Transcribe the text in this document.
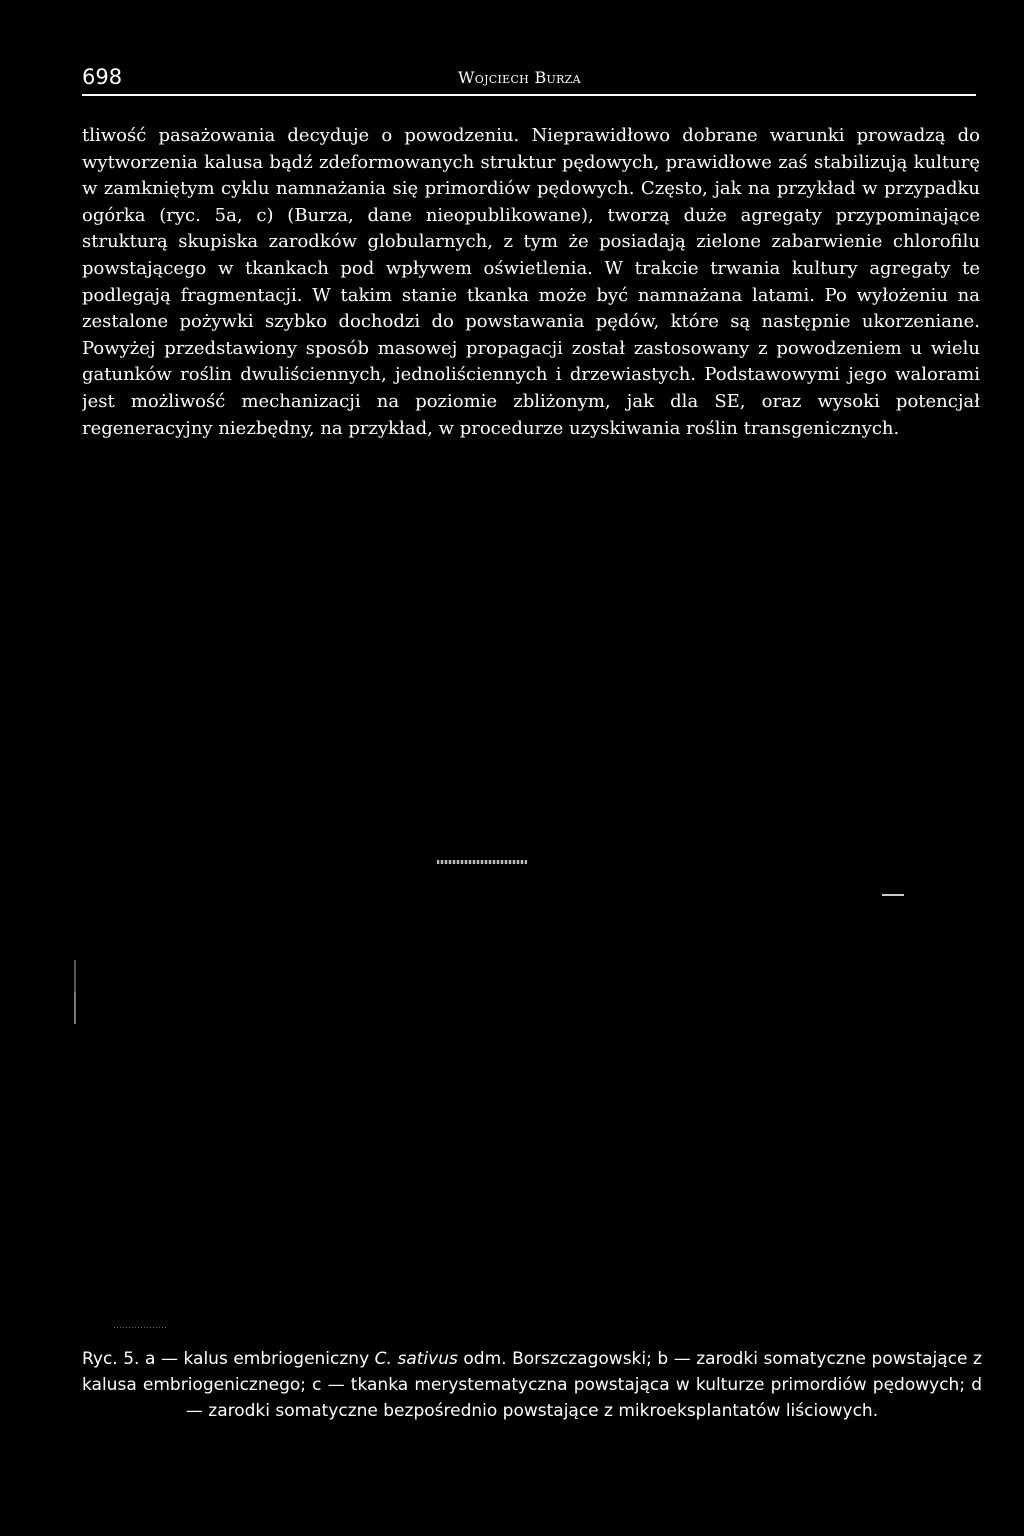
698	Wojciech Burza
tliwość pasażowania decyduje o powodzeniu. Nieprawidłowo dobrane warunki prowadzą do wytworzenia kalusa bądź zdeformowanych struktur pędowych, prawidłowe zaś stabilizują kulturę w zamkniętym cyklu namnażania się primordiów pędowych. Często, jak na przykład w przypadku ogórka (ryc. 5a, c) (Burza, dane nieopublikowane), tworzą duże agregaty przypominające strukturą skupiska zarodków globularnych, z tym że posiadają zielone zabarwienie chlorofilu powstającego w tkankach pod wpływem oświetlenia. W trakcie trwania kultury agregaty te podlegają fragmentacji. W takim stanie tkanka może być namnażana latami. Po wyłożeniu na zestalone pożywki szybko dochodzi do powstawania pędów, które są następnie ukorzeniane. Powyżej przedstawiony sposób masowej propagacji został zastosowany z powodzeniem u wielu gatunków roślin dwuliściennych, jednoliściennych i drzewiastych. Podstawowymi jego walorami jest możliwość mechanizacji na poziomie zbliżonym, jak dla SE, oraz wysoki potencjał regeneracyjny niezbędny, na przykład, w procedurze uzyskiwania roślin transgenicznych.
Ryc. 5. a — kalus embriogeniczny C. sativus odm. Borszczagowski; b — zarodki somatyczne powstające z kalusa embriogenicznego; c — tkanka merystematyczna powstająca w kulturze primordiów pędowych; d — zarodki somatyczne bezpośrednio powstające z mikroeksplantatów liściowych.
